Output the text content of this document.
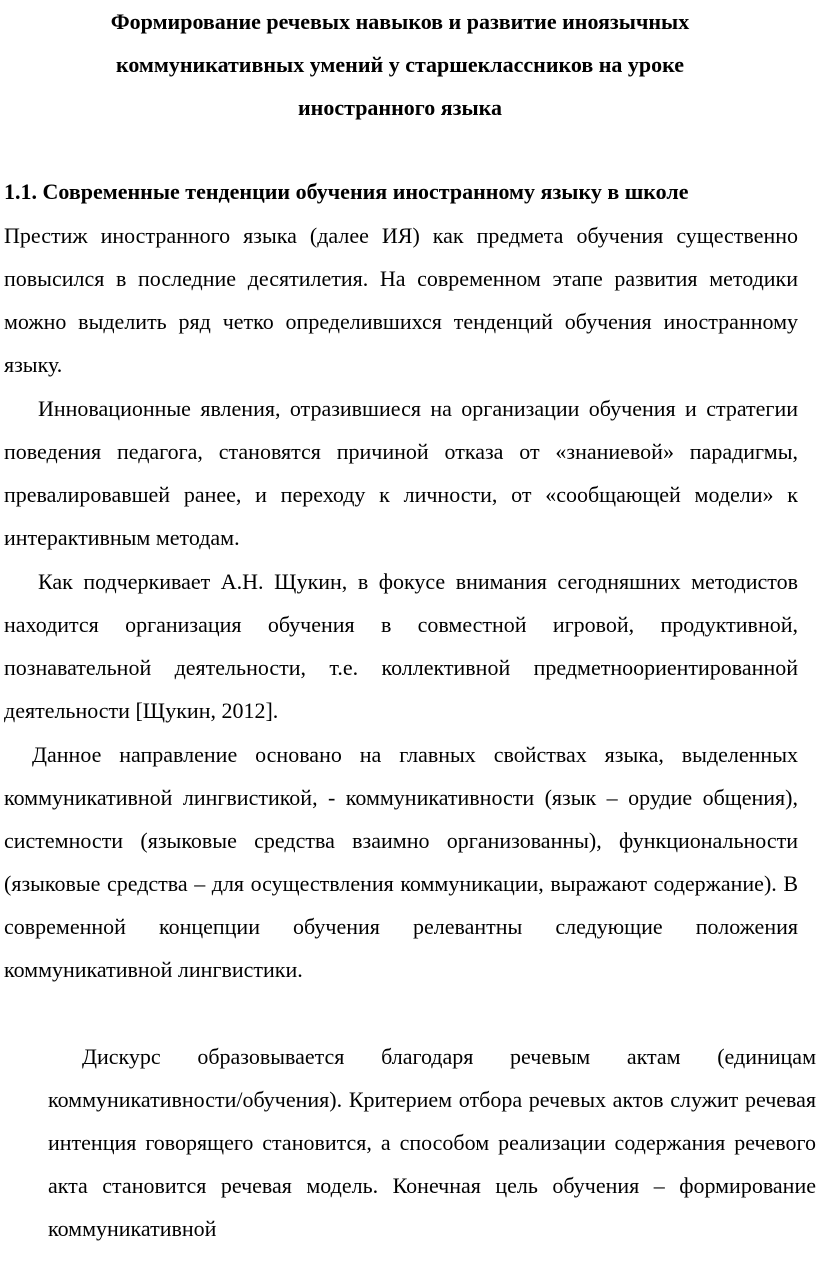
Формирование речевых навыков и развитие иноязычных
коммуникативных умений у старшеклассников на уроке
иностранного языка
1.1. Современные тенденции обучения иностранному языку в школе

Престиж иностранного языка (далее ИЯ) как предмета обучения существенно повысился в последние десятилетия. На современном этапе развития методики можно выделить ряд четко определившихся тенденций обучения иностранному языку.

Инновационные явления, отразившиеся на организации обучения и стратегии поведения педагога, становятся причиной отказа от «знаниевой» парадигмы, превалировавшей ранее, и переходу к личности, от «сообщающей модели» к интерактивным методам.

Как подчеркивает А.Н. Щукин, в фокусе внимания сегодняшних методистов находится организация обучения в совместной игровой, продуктивной, познавательной деятельности, т.е. коллективной предметноориентированной деятельности [Щукин, 2012].

Данное направление основано на главных свойствах языка, выделенных коммуникативной лингвистикой, - коммуникативности (язык – орудие общения), системности (языковые средства взаимно организованны), функциональности (языковые средства – для осуществления коммуникации, выражают содержание). В современной концепции обучения релевантны следующие положения коммуникативной лингвистики.

Дискурс образовывается благодаря речевым актам (единицам коммуникативности/обучения). Критерием отбора речевых актов служит речевая интенция говорящего становится, а способом реализации содержания речевого акта становится речевая модель. Конечная цель обучения – формирование коммуникативной
